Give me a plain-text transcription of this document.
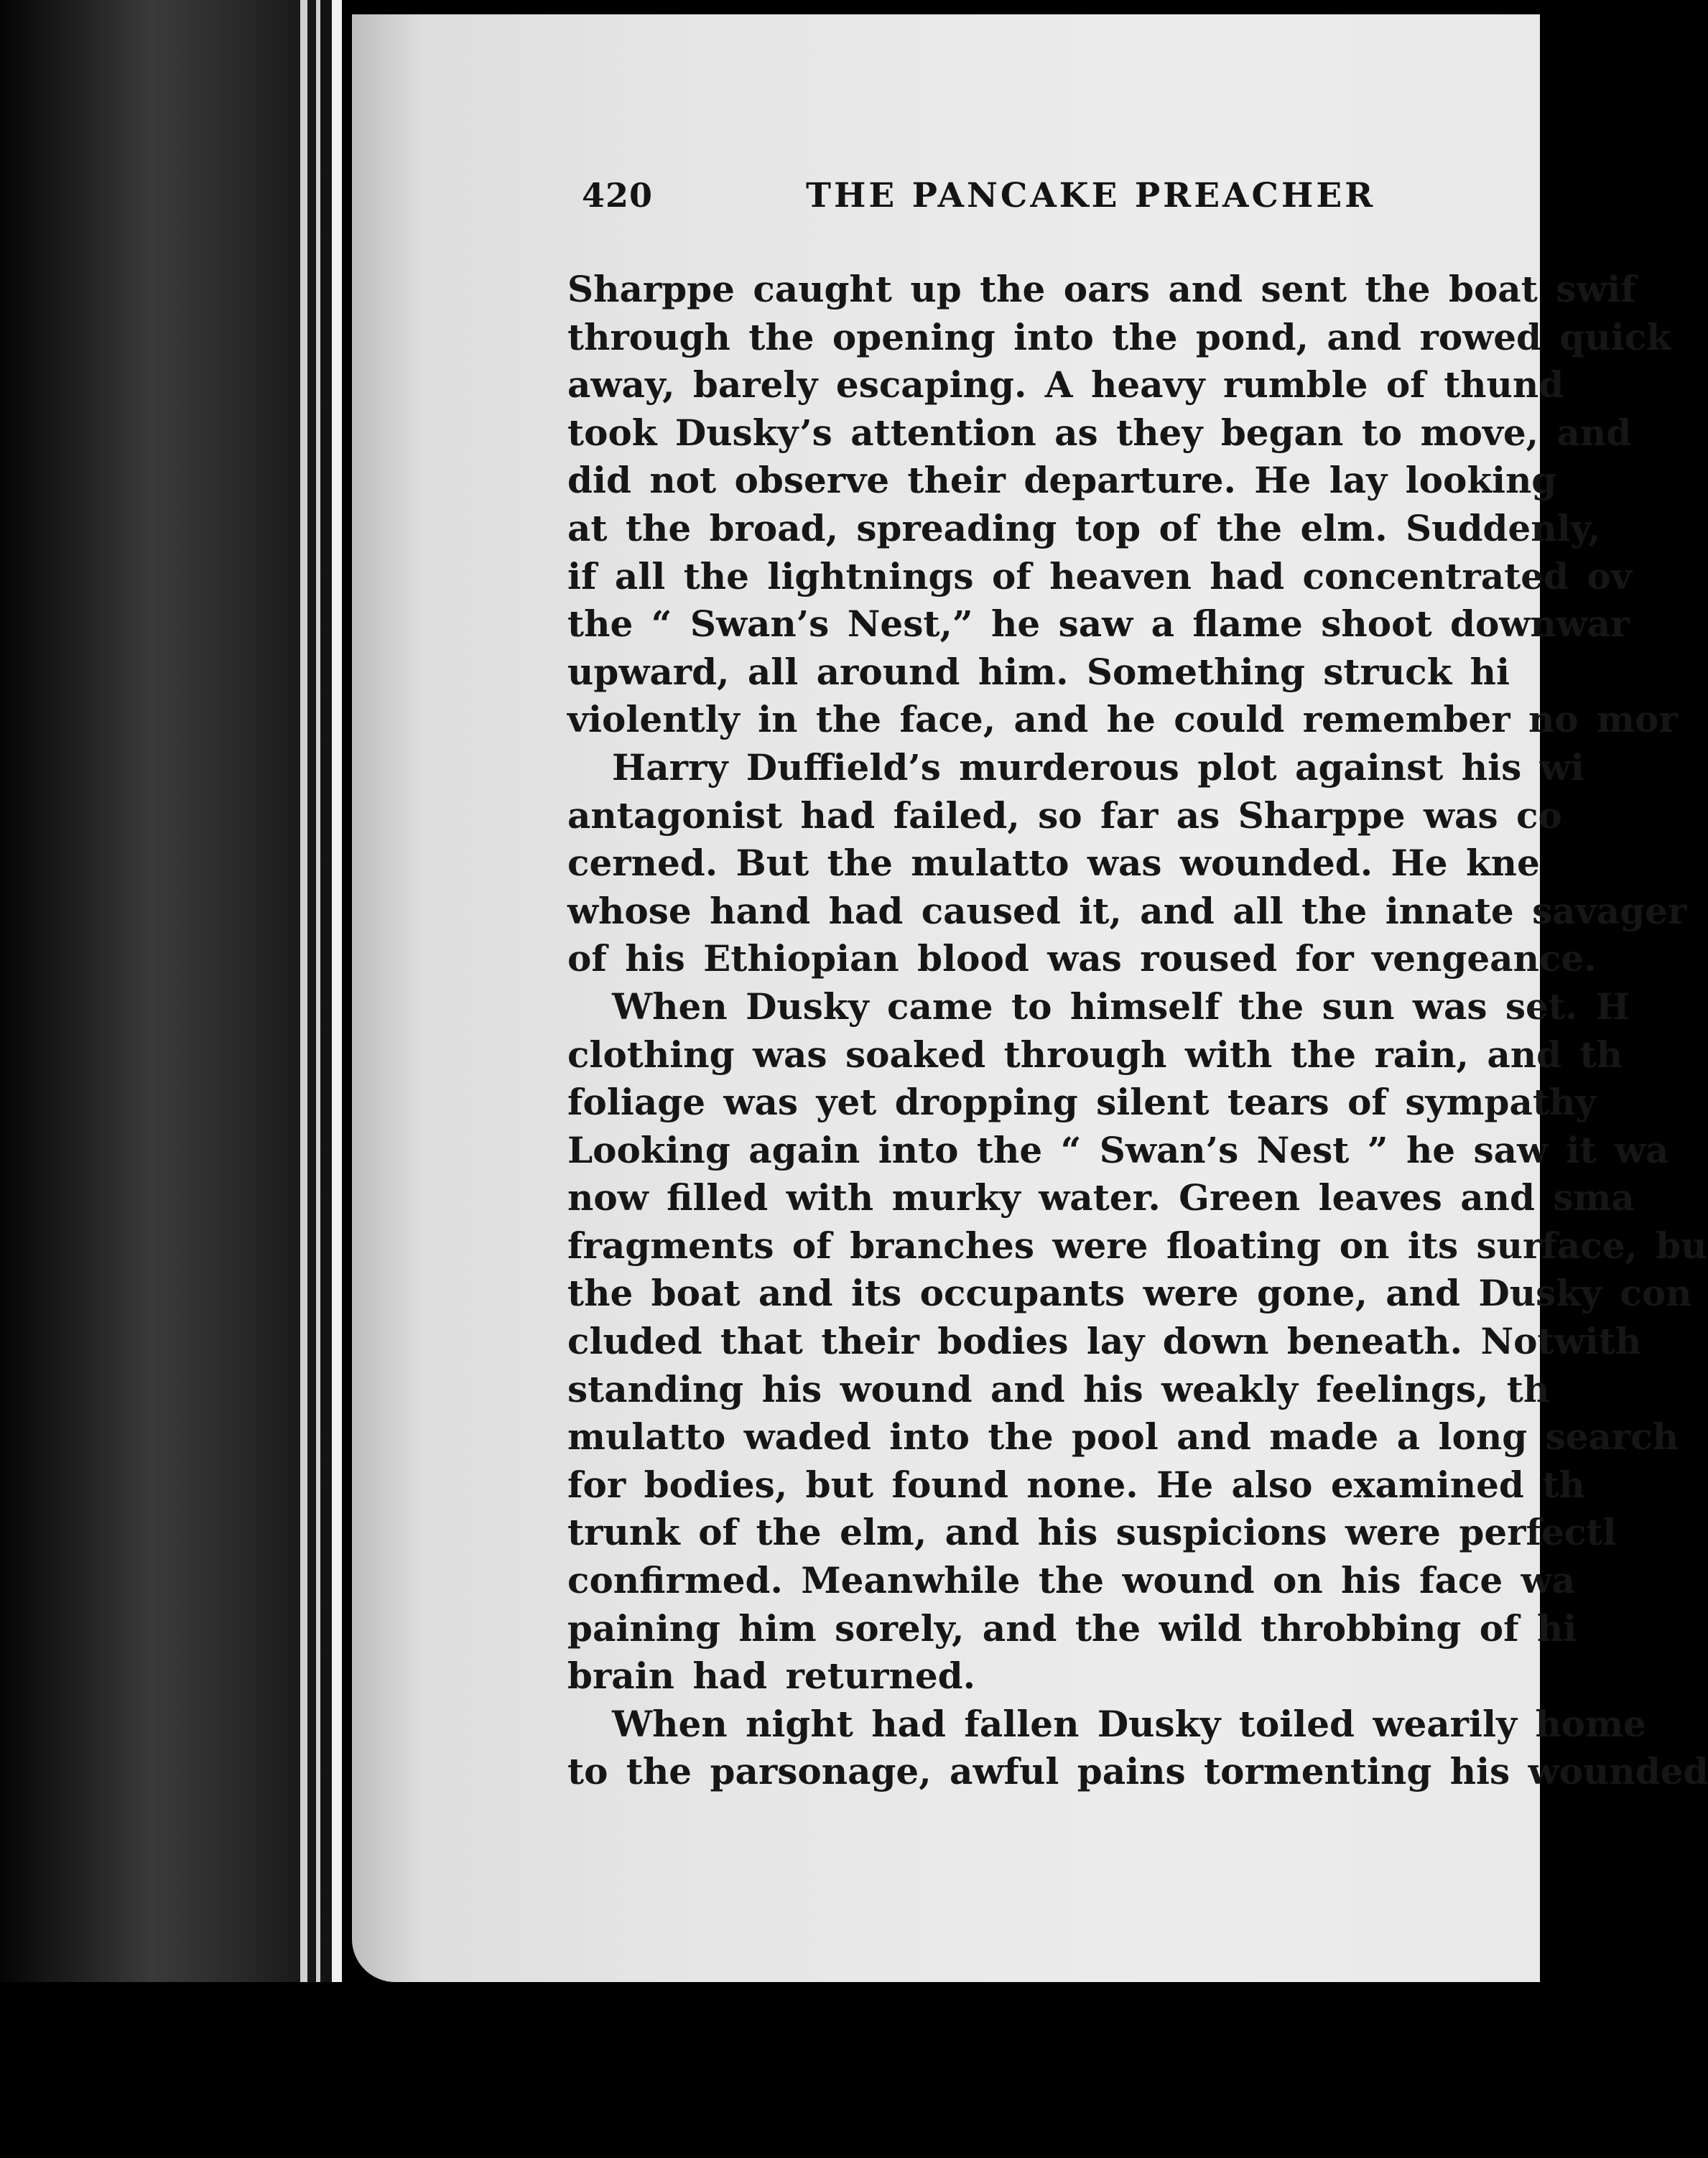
420	THE PANCAKE PREACHER
Sharppe caught up the oars and sent the boat swif
through the opening into the pond, and rowed quick
away, barely escaping. A heavy rumble of thund
took Dusky’s attention as they began to move, and
did not observe their departure. He lay looking
at the broad, spreading top of the elm. Suddenly,
if all the lightnings of heaven had concentrated ov
the “ Swan’s Nest,” he saw a flame shoot downwar
upward, all around him. Something struck hi
violently in the face, and he could remember no mor
Harry Duffield’s murderous plot against his wi
antagonist had failed, so far as Sharppe was co
cerned. But the mulatto was wounded. He kne
whose hand had caused it, and all the innate savager
of his Ethiopian blood was roused for vengeance.
When Dusky came to himself the sun was set. H
clothing was soaked through with the rain, and th
foliage was yet dropping silent tears of sympathy
Looking again into the “ Swan’s Nest ” he saw it wa
now filled with murky water. Green leaves and sma
fragments of branches were floating on its surface, bu
the boat and its occupants were gone, and Dusky con
cluded that their bodies lay down beneath. Notwith
standing his wound and his weakly feelings, th
mulatto waded into the pool and made a long search
for bodies, but found none. He also examined th
trunk of the elm, and his suspicions were perfectl
confirmed. Meanwhile the wound on his face wa
paining him sorely, and the wild throbbing of hi
brain had returned.
When night had fallen Dusky toiled wearily home
to the parsonage, awful pains tormenting his wounded
